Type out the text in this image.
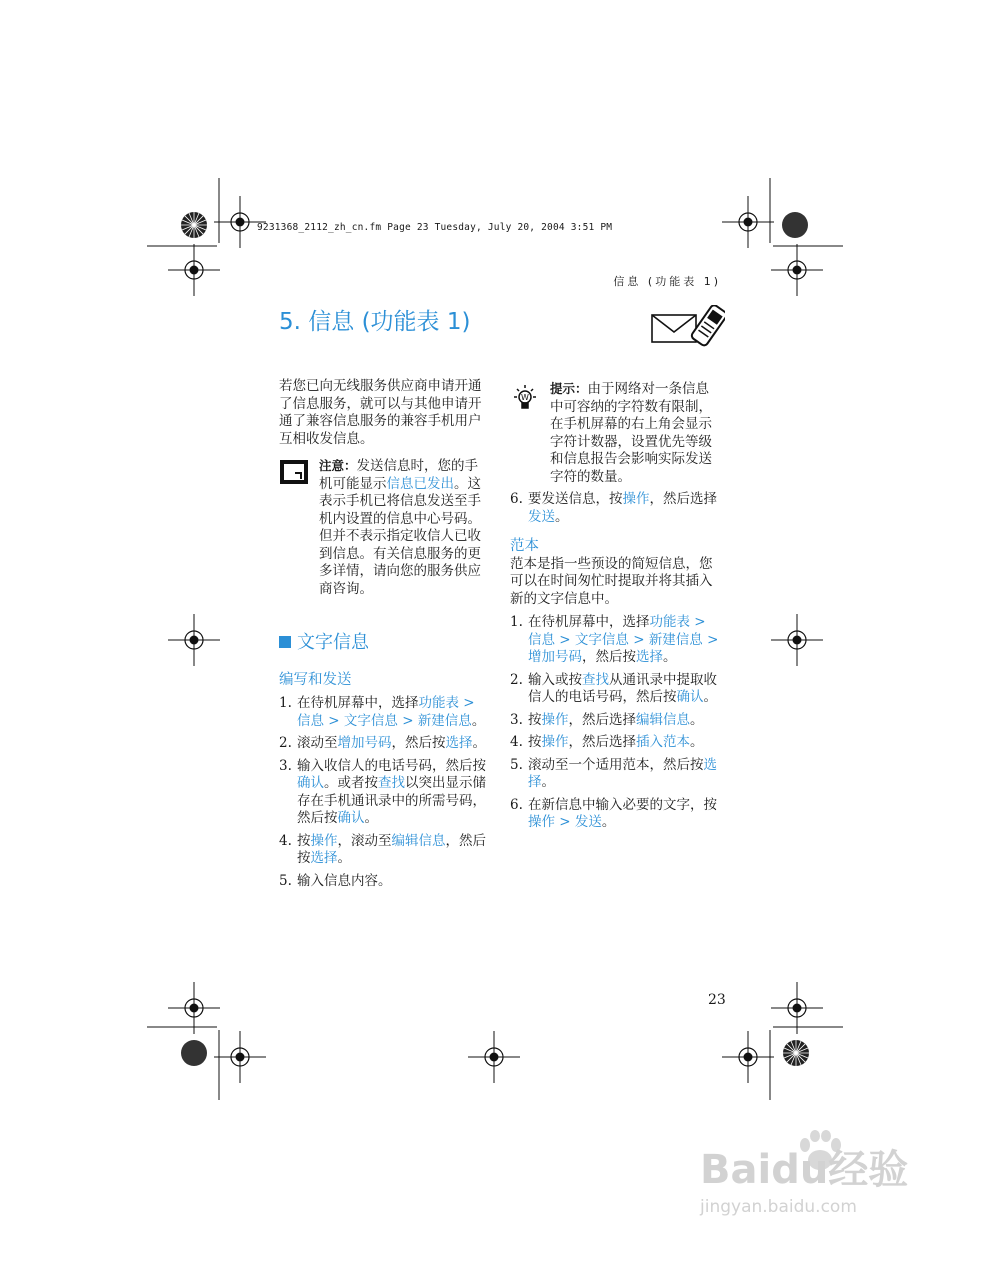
9231368_2112_zh_cn.fm Page 23 Tuesday, July 20, 2004 3:51 PM
信息 (功能表 1)
5. 信息 (功能表 1)

若您已向无线服务供应商申请开通了信息服务，就可以与其他申请开通了兼容信息服务的兼容手机用户互相收发信息。

注意：发送信息时，您的手机可能显示信息已发出。这表示手机已将信息发送至手机内设置的信息中心号码。但并不表示指定收信人已收到信息。有关信息服务的更多详情，请向您的服务供应商咨询。

文字信息

编写和发送

1. 在待机屏幕中，选择功能表 > 信息 > 文字信息 > 新建信息。
2. 滚动至增加号码，然后按选择。
3. 输入收信人的电话号码，然后按确认。或者按查找以突出显示储存在手机通讯录中的所需号码，然后按确认。
4. 按操作，滚动至编辑信息，然后按选择。
5. 输入信息内容。
W

提示：由于网络对一条信息中可容纳的字符数有限制，在手机屏幕的右上角会显示字符计数器，设置优先等级和信息报告会影响实际发送字符的数量。

6. 要发送信息，按操作，然后选择发送。

范本

范本是指一些预设的简短信息，您可以在时间匆忙时提取并将其插入新的文字信息中。

1. 在待机屏幕中，选择功能表 > 信息 > 文字信息 > 新建信息 > 增加号码，然后按选择。
2. 输入或按查找从通讯录中提取收信人的电话号码，然后按确认。
3. 按操作，然后选择编辑信息。
4. 按操作，然后选择插入范本。
5. 滚动至一个适用范本，然后按选择。
6. 在新信息中输入必要的文字，按操作 > 发送。
23
Baidu经验
jingyan.baidu.com
